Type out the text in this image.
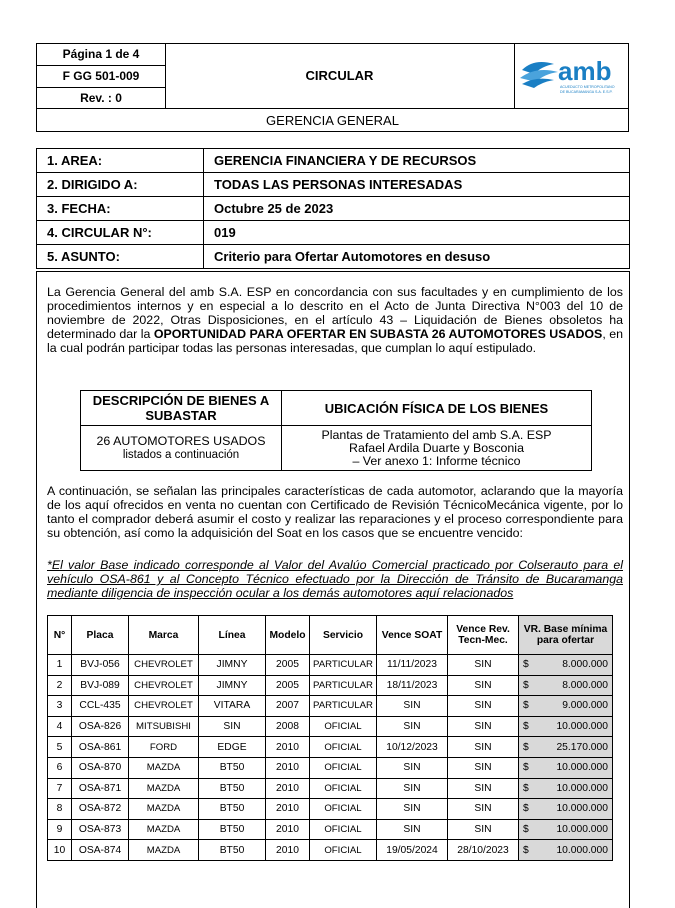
Página 1 de 4
F GG 501-009
Rev. : 0
CIRCULAR	amb
ACUEDUCTO METROPOLITANO
DE BUCARAMANGA S.A. E.S.P.
GERENCIA GENERAL
1. AREA:	GERENCIA FINANCIERA Y DE RECURSOS
2. DIRIGIDO A:	TODAS LAS PERSONAS INTERESADAS
3. FECHA:	Octubre 25 de 2023
4. CIRCULAR N°:	019
5. ASUNTO:	Criterio para Ofertar Automotores en desuso
La Gerencia General del amb S.A. ESP en concordancia con sus facultades y en cumplimiento de los procedimientos internos y en especial a lo descrito en el Acto de Junta Directiva N°003 del 10 de noviembre de 2022, Otras Disposiciones, en el artículo 43 – Liquidación de Bienes obsoletos ha determinado dar la OPORTUNIDAD PARA OFERTAR EN SUBASTA 26 AUTOMOTORES USADOS, en la cual podrán participar todas las personas interesadas, que cumplan lo aquí estipulado.
DESCRIPCIÓN DE BIENES A SUBASTAR	UBICACIÓN FÍSICA DE LOS BIENES
26 AUTOMOTORES USADOS
listados a continuación	Plantas de Tratamiento del amb S.A. ESP
Rafael Ardila Duarte y Bosconia
– Ver anexo 1: Informe técnico
A continuación, se señalan las principales características de cada automotor, aclarando que la mayoría de los aquí ofrecidos en venta no cuentan con Certificado de Revisión TécnicoMecánica vigente, por lo tanto el comprador deberá asumir el costo y realizar las reparaciones y el proceso correspondiente para su obtención, así como la adquisición del Soat en los casos que se encuentre vencido:
*El valor Base indicado corresponde al Valor del Avalúo Comercial practicado por Colserauto para el vehículo OSA-861 y al Concepto Técnico efectuado por la Dirección de Tránsito de Bucaramanga mediante diligencia de inspección ocular a los demás automotores aquí relacionados
N°	Placa	Marca	Línea	Modelo	Servicio	Vence SOAT	Vence Rev. Tecn-Mec.	VR. Base mínima para ofertar
1	BVJ-056	CHEVROLET	JIMNY	2005	PARTICULAR	11/11/2023	SIN	$ 8.000.000

2	BVJ-089	CHEVROLET	JIMNY	2005	PARTICULAR	18/11/2023	SIN	$ 8.000.000

3	CCL-435	CHEVROLET	VITARA	2007	PARTICULAR	SIN	SIN	$ 9.000.000

4	OSA-826	MITSUBISHI	SIN	2008	OFICIAL	SIN	SIN	$ 10.000.000

5	OSA-861	FORD	EDGE	2010	OFICIAL	10/12/2023	SIN	$ 25.170.000

6	OSA-870	MAZDA	BT50	2010	OFICIAL	SIN	SIN	$ 10.000.000

7	OSA-871	MAZDA	BT50	2010	OFICIAL	SIN	SIN	$ 10.000.000

8	OSA-872	MAZDA	BT50	2010	OFICIAL	SIN	SIN	$ 10.000.000

9	OSA-873	MAZDA	BT50	2010	OFICIAL	SIN	SIN	$ 10.000.000

10	OSA-874	MAZDA	BT50	2010	OFICIAL	19/05/2024	28/10/2023	$ 10.000.000
